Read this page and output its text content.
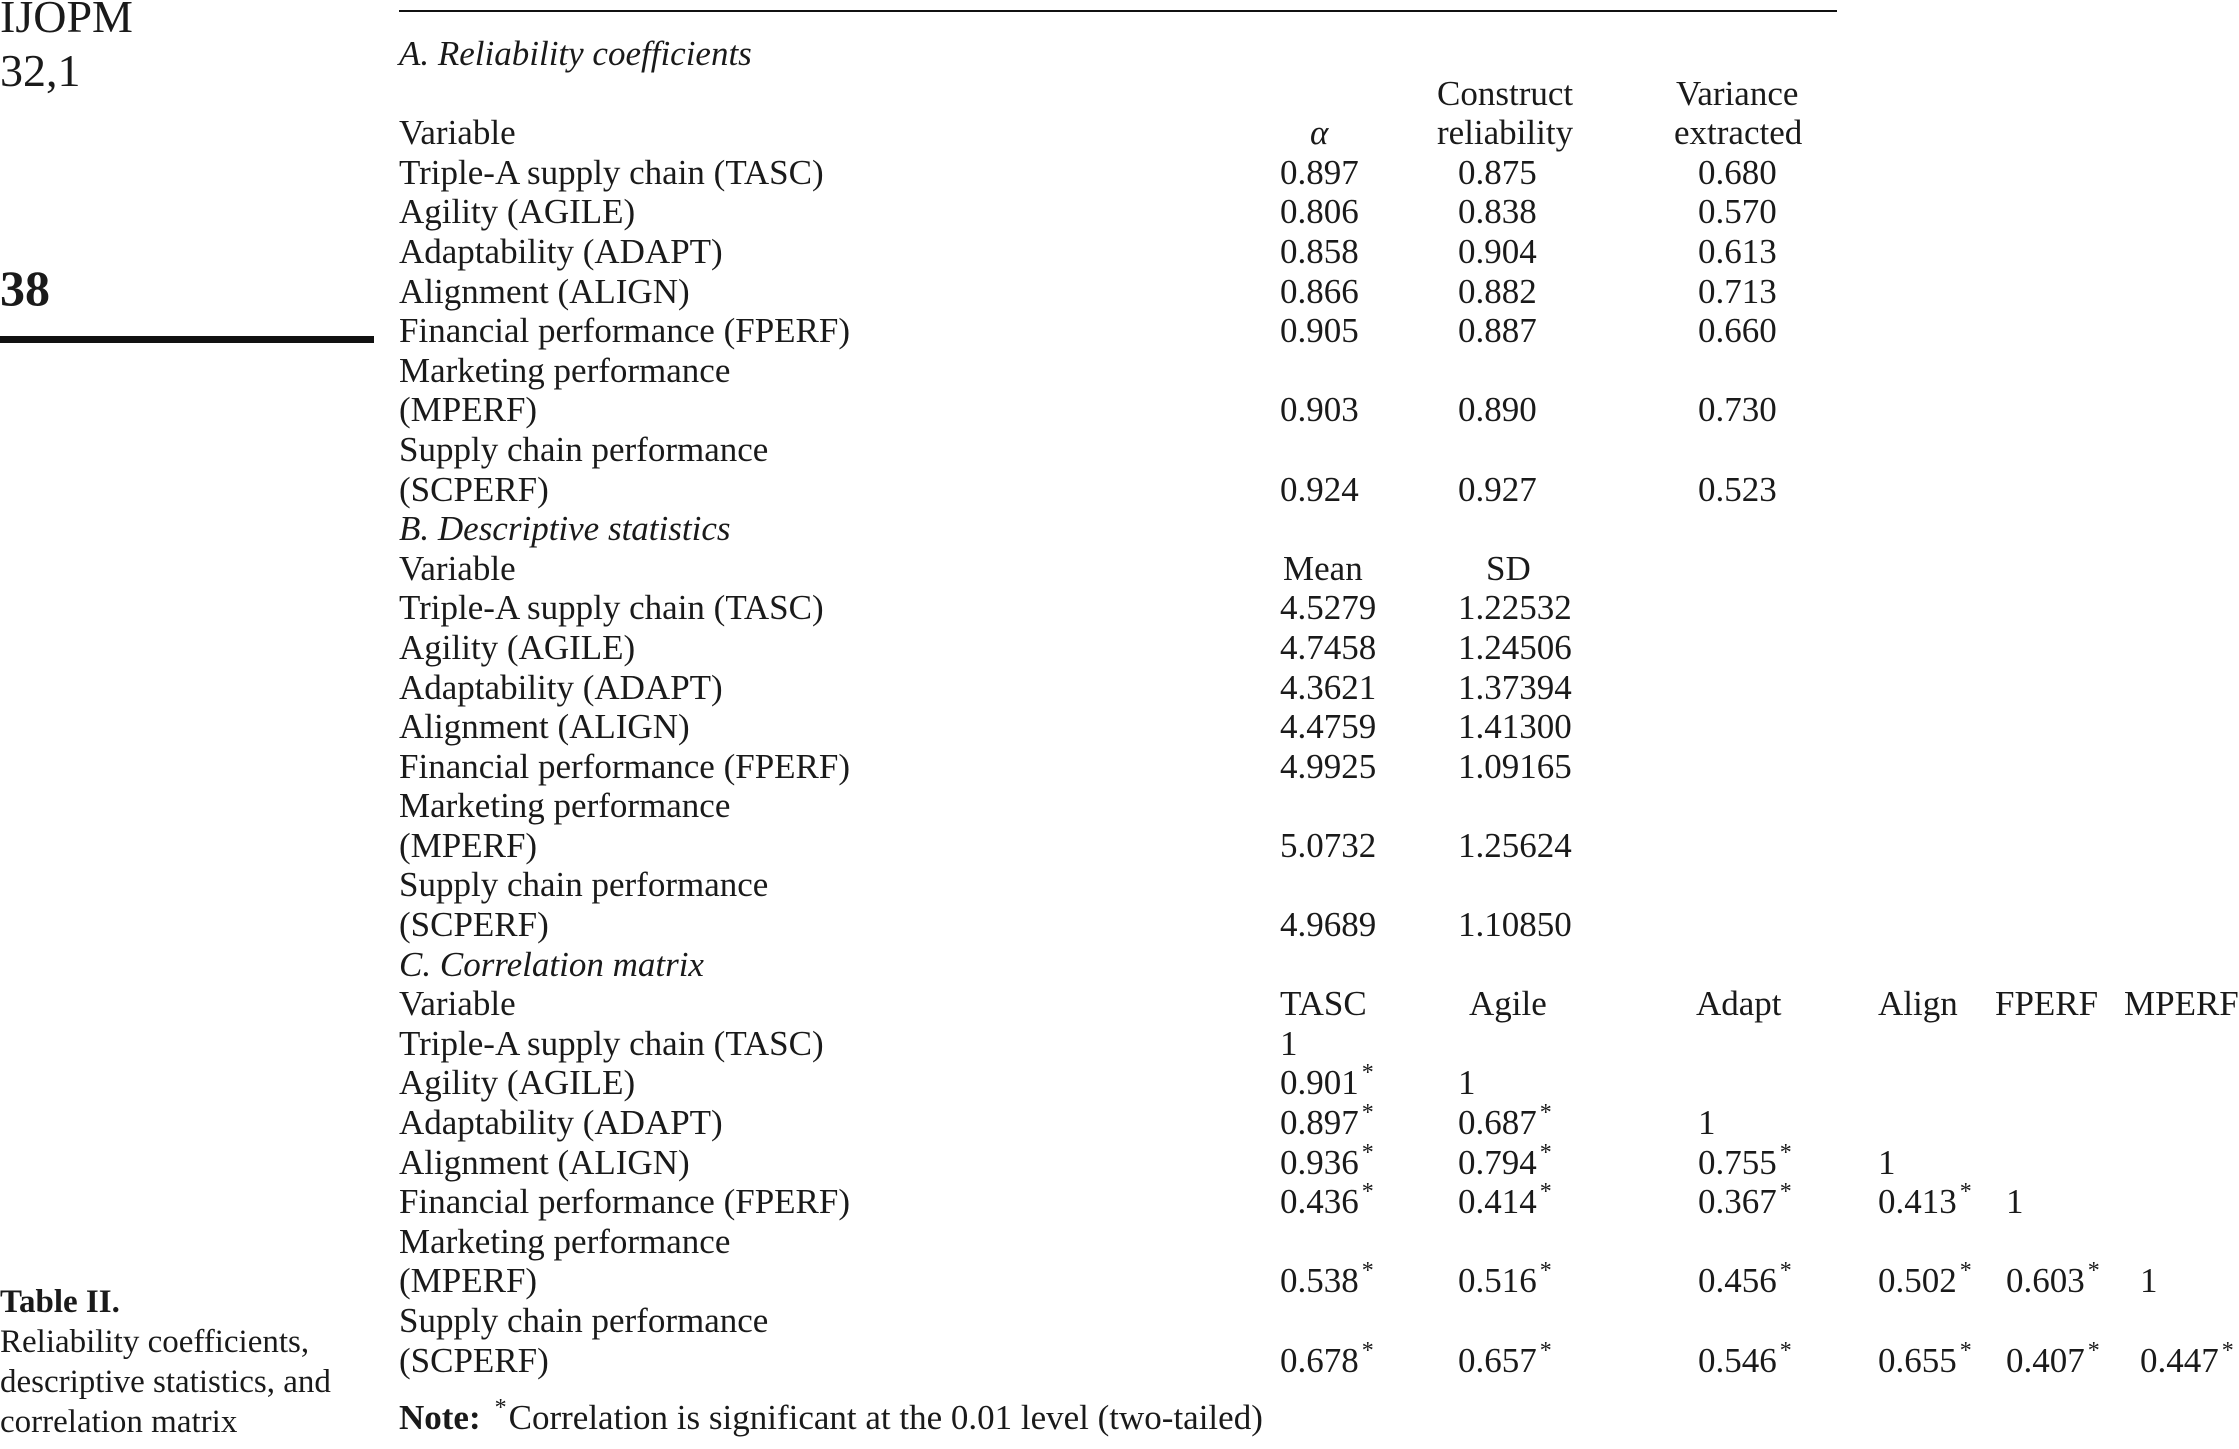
IJOPM
32,1
38
Table II.
Reliability coefficients, descriptive statistics, and correlation matrix
A. Reliability coefficients
Construct	Variance
Variable	α	reliability	extracted
Triple-A supply chain (TASC)	0.897	0.875	0.680
Agility (AGILE)	0.806	0.838	0.570
Adaptability (ADAPT)	0.858	0.904	0.613
Alignment (ALIGN)	0.866	0.882	0.713
Financial performance (FPERF)	0.905	0.887	0.660
Marketing performance
(MPERF)	0.903	0.890	0.730
Supply chain performance
(SCPERF)	0.924	0.927	0.523
B. Descriptive statistics
Variable	Mean	SD
Triple-A supply chain (TASC)	4.5279 1.22532
Agility (AGILE)	4.7458 1.24506
Adaptability (ADAPT)	4.3621 1.37394
Alignment (ALIGN)	4.4759 1.41300
Financial performance (FPERF)	4.9925 1.09165
Marketing performance
(MPERF)	5.0732 1.25624
Supply chain performance
(SCPERF)	4.9689 1.10850
C. Correlation matrix
Variable	TASC	Agile	Adapt	Align FPERF MPERF
Triple-A supply chain (TASC)	1
Agility (AGILE)	0.901 * 1
Adaptability (ADAPT)	0.897 * 0.687 *	1
Alignment (ALIGN)	0.936 * 0.794 *	0.755 * 1
Financial performance (FPERF)	0.436 * 0.414 *	0.367 * 0.413 * 1
Marketing performance
(MPERF)	0.538 * 0.516 *	0.456 * 0.502 * 0.603 * 1
Supply chain performance
(SCPERF)	0.678 * 0.657 *	0.546 * 0.655 * 0.407 * 0.447 *
Note: *Correlation is significant at the 0.01 level (two-tailed)
